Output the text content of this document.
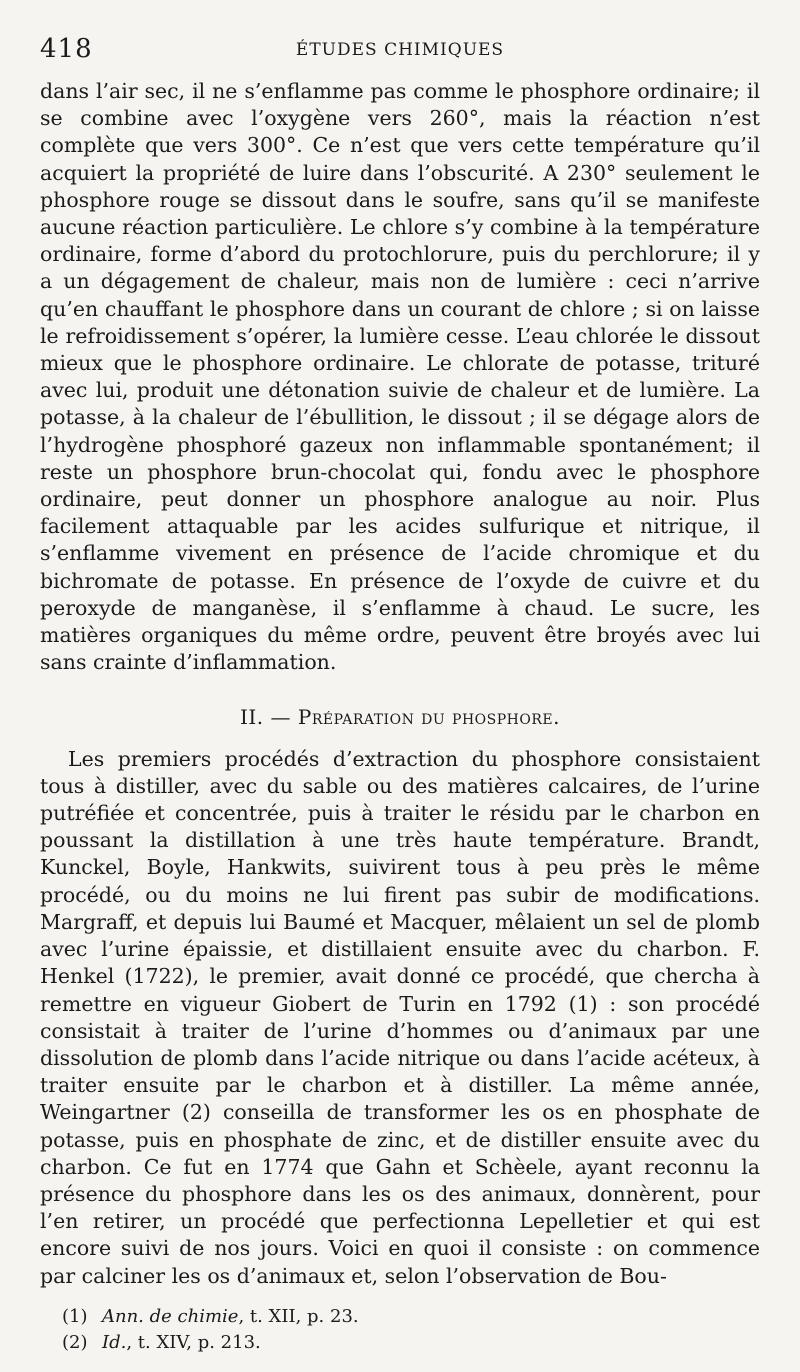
418	ÉTUDES CHIMIQUES

dans l’air sec, il ne s’enflamme pas comme le phosphore ordinaire; il se combine avec l’oxygène vers 260°, mais la réaction n’est complète que vers 300°. Ce n’est que vers cette température qu’il acquiert la propriété de luire dans l’obscurité. A 230° seulement le phosphore rouge se dissout dans le soufre, sans qu’il se manifeste aucune réaction particulière. Le chlore s’y combine à la température ordinaire, forme d’abord du protochlorure, puis du perchlorure; il y a un dégagement de chaleur, mais non de lumière : ceci n’arrive qu’en chauffant le phosphore dans un courant de chlore ; si on laisse le refroidissement s’opérer, la lumière cesse. L’eau chlorée le dissout mieux que le phosphore ordinaire. Le chlorate de potasse, trituré avec lui, produit une détonation suivie de chaleur et de lumière. La potasse, à la chaleur de l’ébullition, le dissout ; il se dégage alors de l’hydrogène phosphoré gazeux non inflammable spontanément; il reste un phosphore brun-chocolat qui, fondu avec le phosphore ordinaire, peut donner un phosphore analogue au noir. Plus facilement attaquable par les acides sulfurique et nitrique, il s’enflamme vivement en présence de l’acide chromique et du bichromate de potasse. En présence de l’oxyde de cuivre et du peroxyde de manganèse, il s’enflamme à chaud. Le sucre, les matières organiques du même ordre, peuvent être broyés avec lui sans crainte d’inflammation.

II. — Préparation du phosphore.

Les premiers procédés d’extraction du phosphore consistaient tous à distiller, avec du sable ou des matières calcaires, de l’urine putréfiée et concentrée, puis à traiter le résidu par le charbon en poussant la distillation à une très haute température. Brandt, Kunckel, Boyle, Hankwits, suivirent tous à peu près le même procédé, ou du moins ne lui firent pas subir de modifications. Margraff, et depuis lui Baumé et Macquer, mêlaient un sel de plomb avec l’urine épaissie, et distillaient ensuite avec du charbon. F. Henkel (1722), le premier, avait donné ce procédé, que chercha à remettre en vigueur Giobert de Turin en 1792 (1) : son procédé consistait à traiter de l’urine d’hommes ou d’animaux par une dissolution de plomb dans l’acide nitrique ou dans l’acide acéteux, à traiter ensuite par le charbon et à distiller. La même année, Weingartner (2) conseilla de transformer les os en phosphate de potasse, puis en phosphate de zinc, et de distiller ensuite avec du charbon. Ce fut en 1774 que Gahn et Schèele, ayant reconnu la présence du phosphore dans les os des animaux, donnèrent, pour l’en retirer, un procédé que perfectionna Lepelletier et qui est encore suivi de nos jours. Voici en quoi il consiste : on commence par calciner les os d’animaux et, selon l’observation de Bou-

(1) Ann. de chimie, t. XII, p. 23.
(2) Id., t. XIV, p. 213.
